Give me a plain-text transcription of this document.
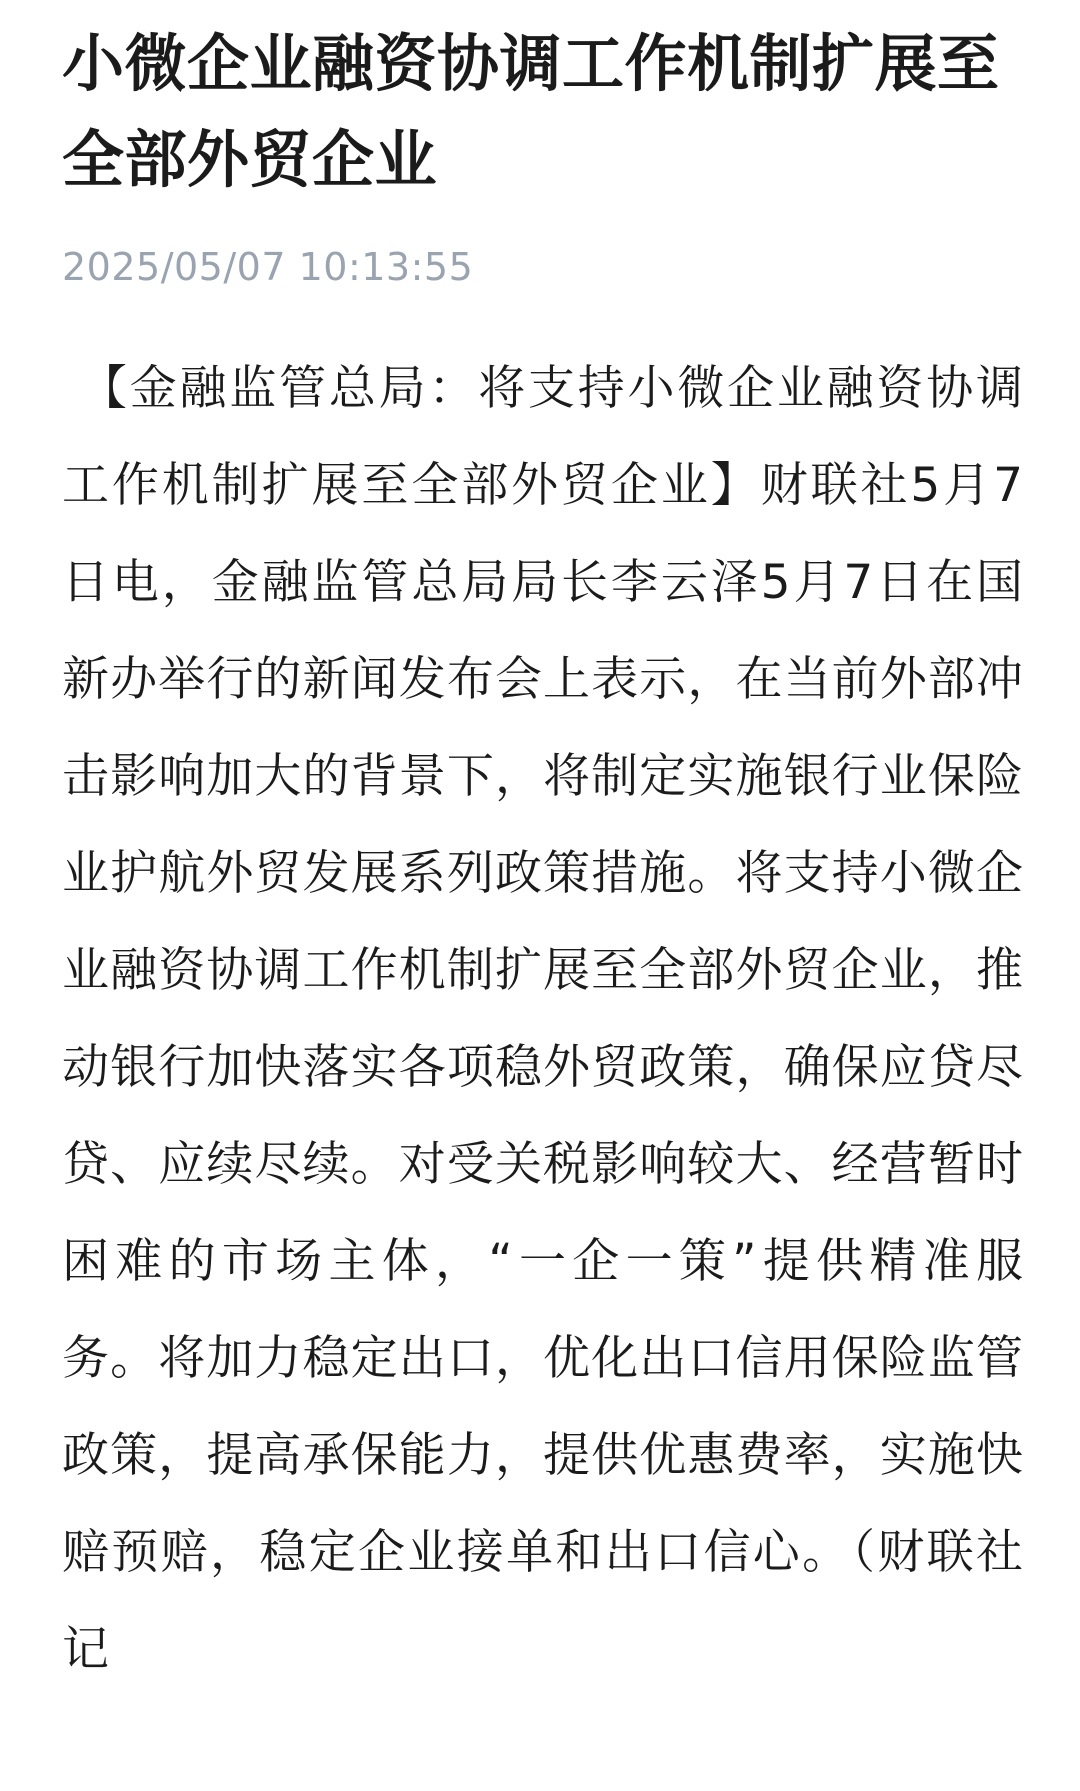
小微企业融资协调工作机制扩展至全部外贸企业
2025/05/07 10:13:55
【金融监管总局：将支持小微企业融资协调工作机制扩展至全部外贸企业】财联社5月7日电，金融监管总局局长李云泽5月7日在国新办举行的新闻发布会上表示，在当前外部冲击影响加大的背景下，将制定实施银行业保险业护航外贸发展系列政策措施。将支持小微企业融资协调工作机制扩展至全部外贸企业，推动银行加快落实各项稳外贸政策，确保应贷尽贷、应续尽续。对受关税影响较大、经营暂时困难的市场主体，“一企一策”提供精准服务。将加力稳定出口，优化出口信用保险监管政策，提高承保能力，提供优惠费率，实施快赔预赔，稳定企业接单和出口信心。（财联社记
